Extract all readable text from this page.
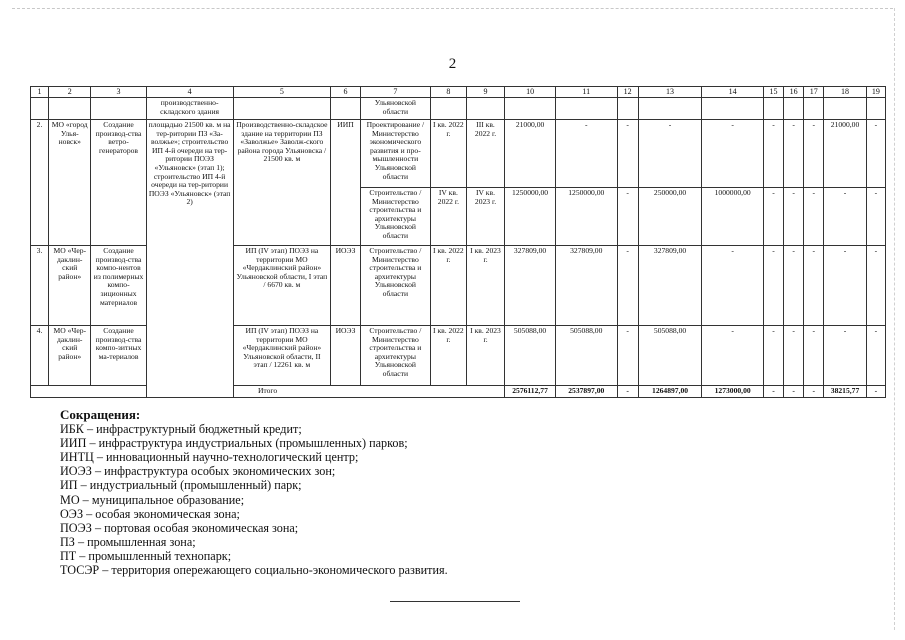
2
1	2	3	4	5	6	7	8	9	10	11	12	13	14	15	16	17	18	19
			производственно-складского здания			Ульяновской области												
2.	МО «город Улья-новск»	Создание производ-ства ветро-генераторов	площадью 21500 кв. м на тер-ритории ПЗ «За-волжье»; строительство ИП 4-й очереди на тер-ритории ПОЭЗ «Ульяновск» (этап 1); строительство ИП 4-й очереди на тер-ритории ПОЭЗ «Ульяновск» (этап 2)	Производственно-складское здание на территории ПЗ «Заволжье» Заволж-ского района города Ульяновска / 21500 кв. м	ИИП	Проектирование / Министерство экономического развития и про-мышленности Ульяновской области	I кв. 2022 г.	III кв. 2022 г.	21000,00	-	-	-	-	-	-	-	21000,00	-
						Строительство / Министерство строительства и архитектуры Ульяновской области	IV кв. 2022 г.	IV кв. 2023 г.	1250000,00	1250000,00	-	250000,00	1000000,00	-	-	-	-	-
3.	МО «Чер-даклин-ский район»	Создание производ-ства компо-нентов из полимерных компо-зиционных материалов		ИП (IV этап) ПОЭЗ на территории МО «Чердаклинский район» Ульяновской области, I этап / 6670 кв. м	ИОЭЗ	Строительство / Министерство строительства и архитектуры Ульяновской области	I кв. 2022 г.	I кв. 2023 г.	327809,00	327809,00	-	327809,00	-	-	-	-	-	-
4.	МО «Чер-даклин-ский район»	Создание производ-ства компо-зитных ма-териалов		ИП (IV этап) ПОЭЗ на территории МО «Чердаклинский район» Ульяновской области, II этап / 12261 кв. м	ИОЭЗ	Строительство / Министерство строительства и архитектуры Ульяновской области	I кв. 2022 г.	I кв. 2023 г.	505088,00	505088,00	-	505088,00	-	-	-	-	-	-
Итого									2576112,77	2537897,00	-	1264897,00	1273000,00	-	-	-	38215,77	-
Сокращения:
ИБК – инфраструктурный бюджетный кредит;
ИИП – инфраструктура индустриальных (промышленных) парков;
ИНТЦ – инновационный научно-технологический центр;
ИОЭЗ – инфраструктура особых экономических зон;
ИП – индустриальный (промышленный) парк;
МО – муниципальное образование;
ОЭЗ – особая экономическая зона;
ПОЭЗ – портовая особая экономическая зона;
ПЗ – промышленная зона;
ПТ – промышленный технопарк;
ТОСЭР – территория опережающего социально-экономического развития.
